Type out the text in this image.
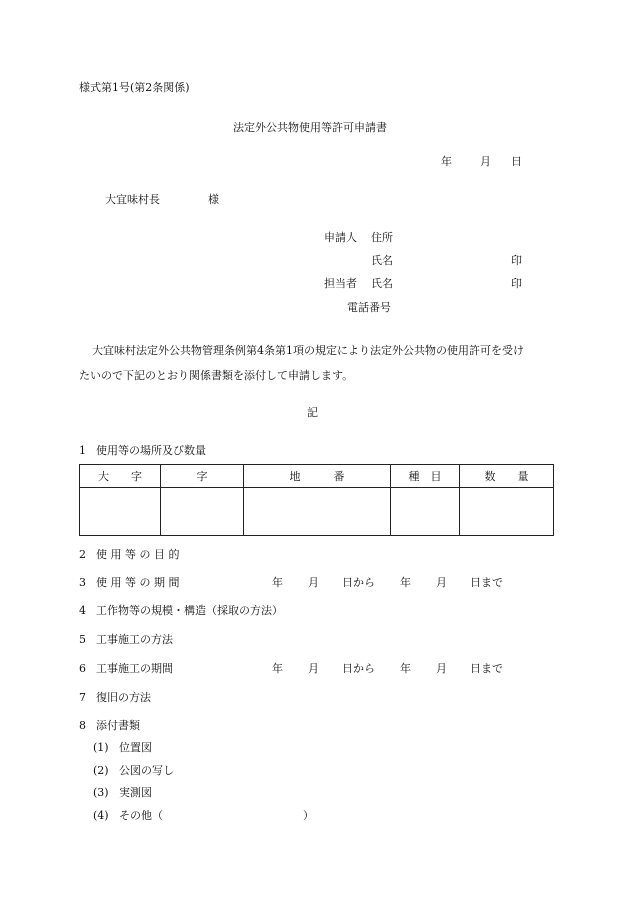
様式第1号(第2条関係)
法定外公共物使用等許可申請書
年	月 日
大宜味村長	様
申請人 住所
氏名	印
担当者 氏名	印
電話番号
大宜味村法定外公共物管理条例第4条第1項の規定により法定外公共物の使用許可を受け
たいので下記のとおり関係書類を添付して申請します。
記
1 使用等の場所及び数量
大　　字	字	地　　　番	種　目	数　　量

2 使 用 等 の 目 的
3 使 用 等 の 期 間	年 月 日から 年 月 日まで
4 工作物等の規模・構造（採取の方法）
5 工事施工の方法
6 工事施工の期間	年 月 日から 年 月 日まで
7 復旧の方法
8 添付書類
(1) 位置図
(2) 公図の写し
(3) 実測図
(4) その他（	）
